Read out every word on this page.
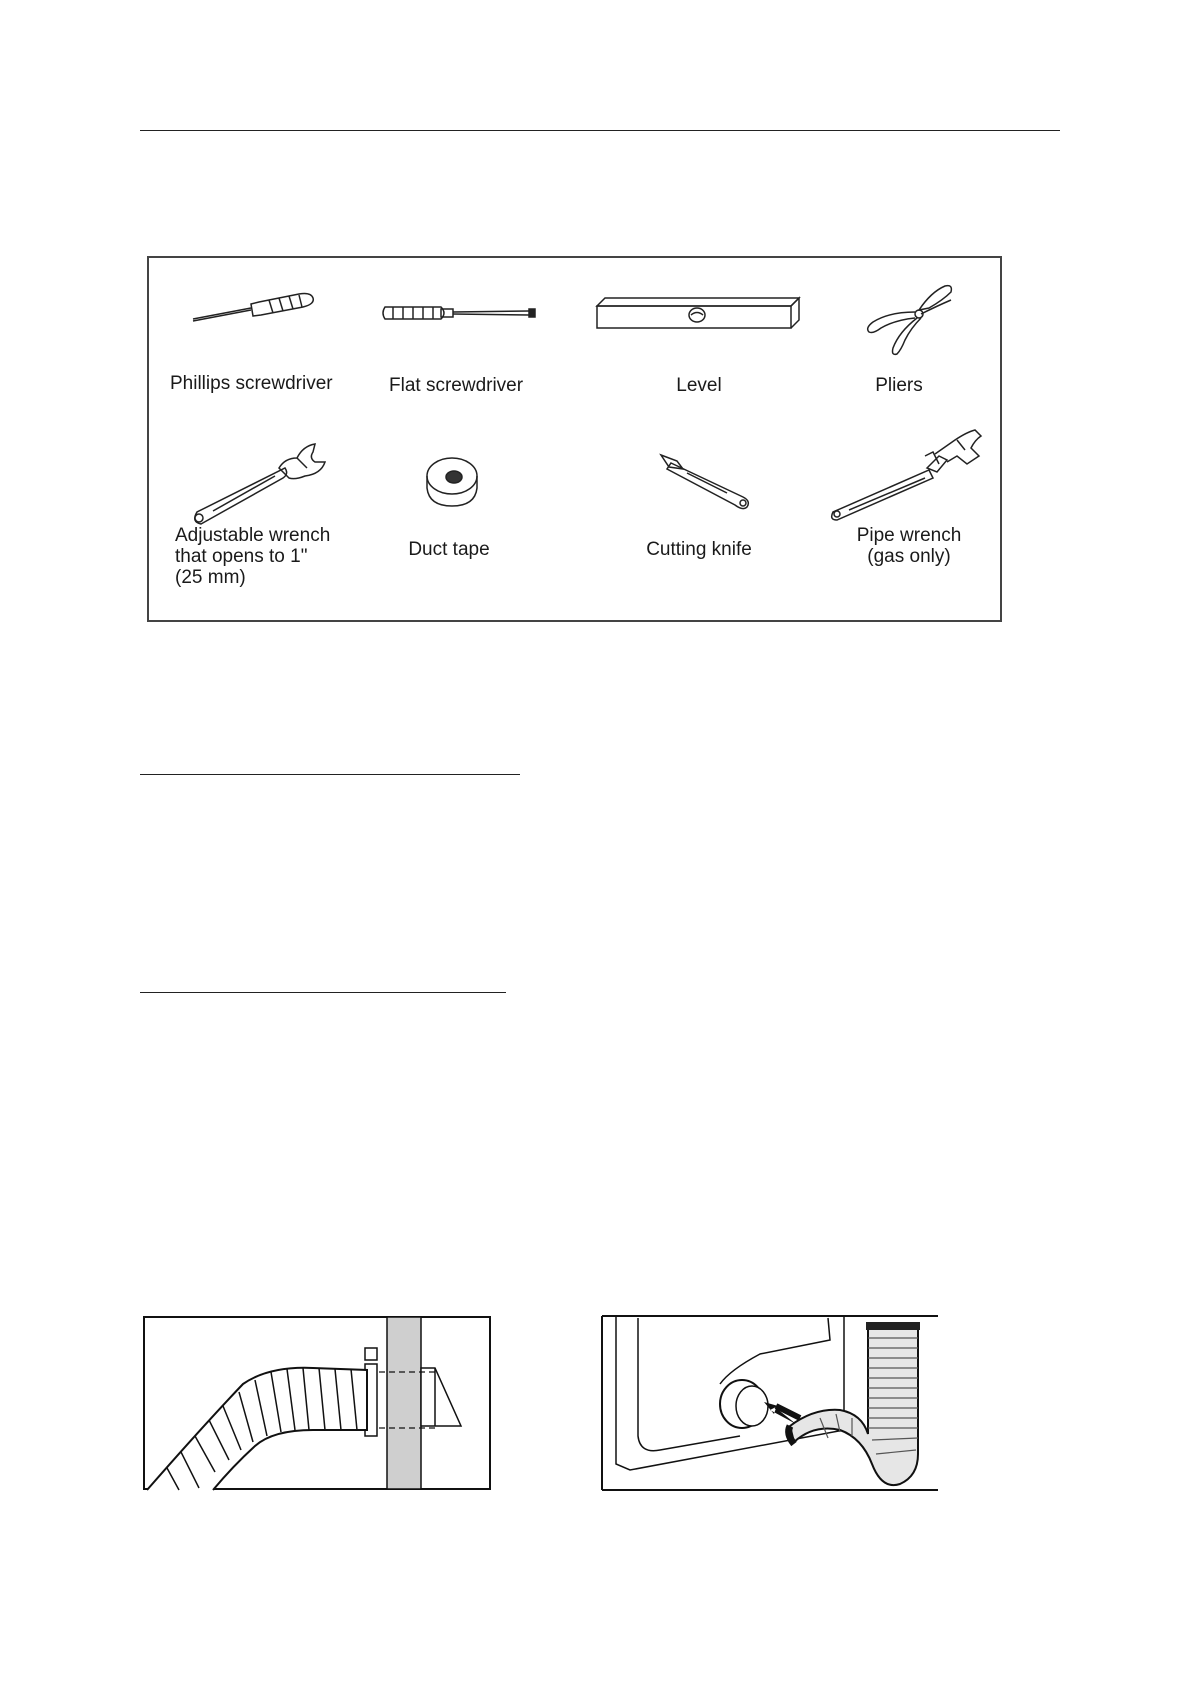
Phillips screwdriver	Flat screwdriver	Level	Pliers
Adjustable wrench
that opens to 1"
(25 mm)
Duct tape	Cutting knife
Pipe wrench
(gas only)
